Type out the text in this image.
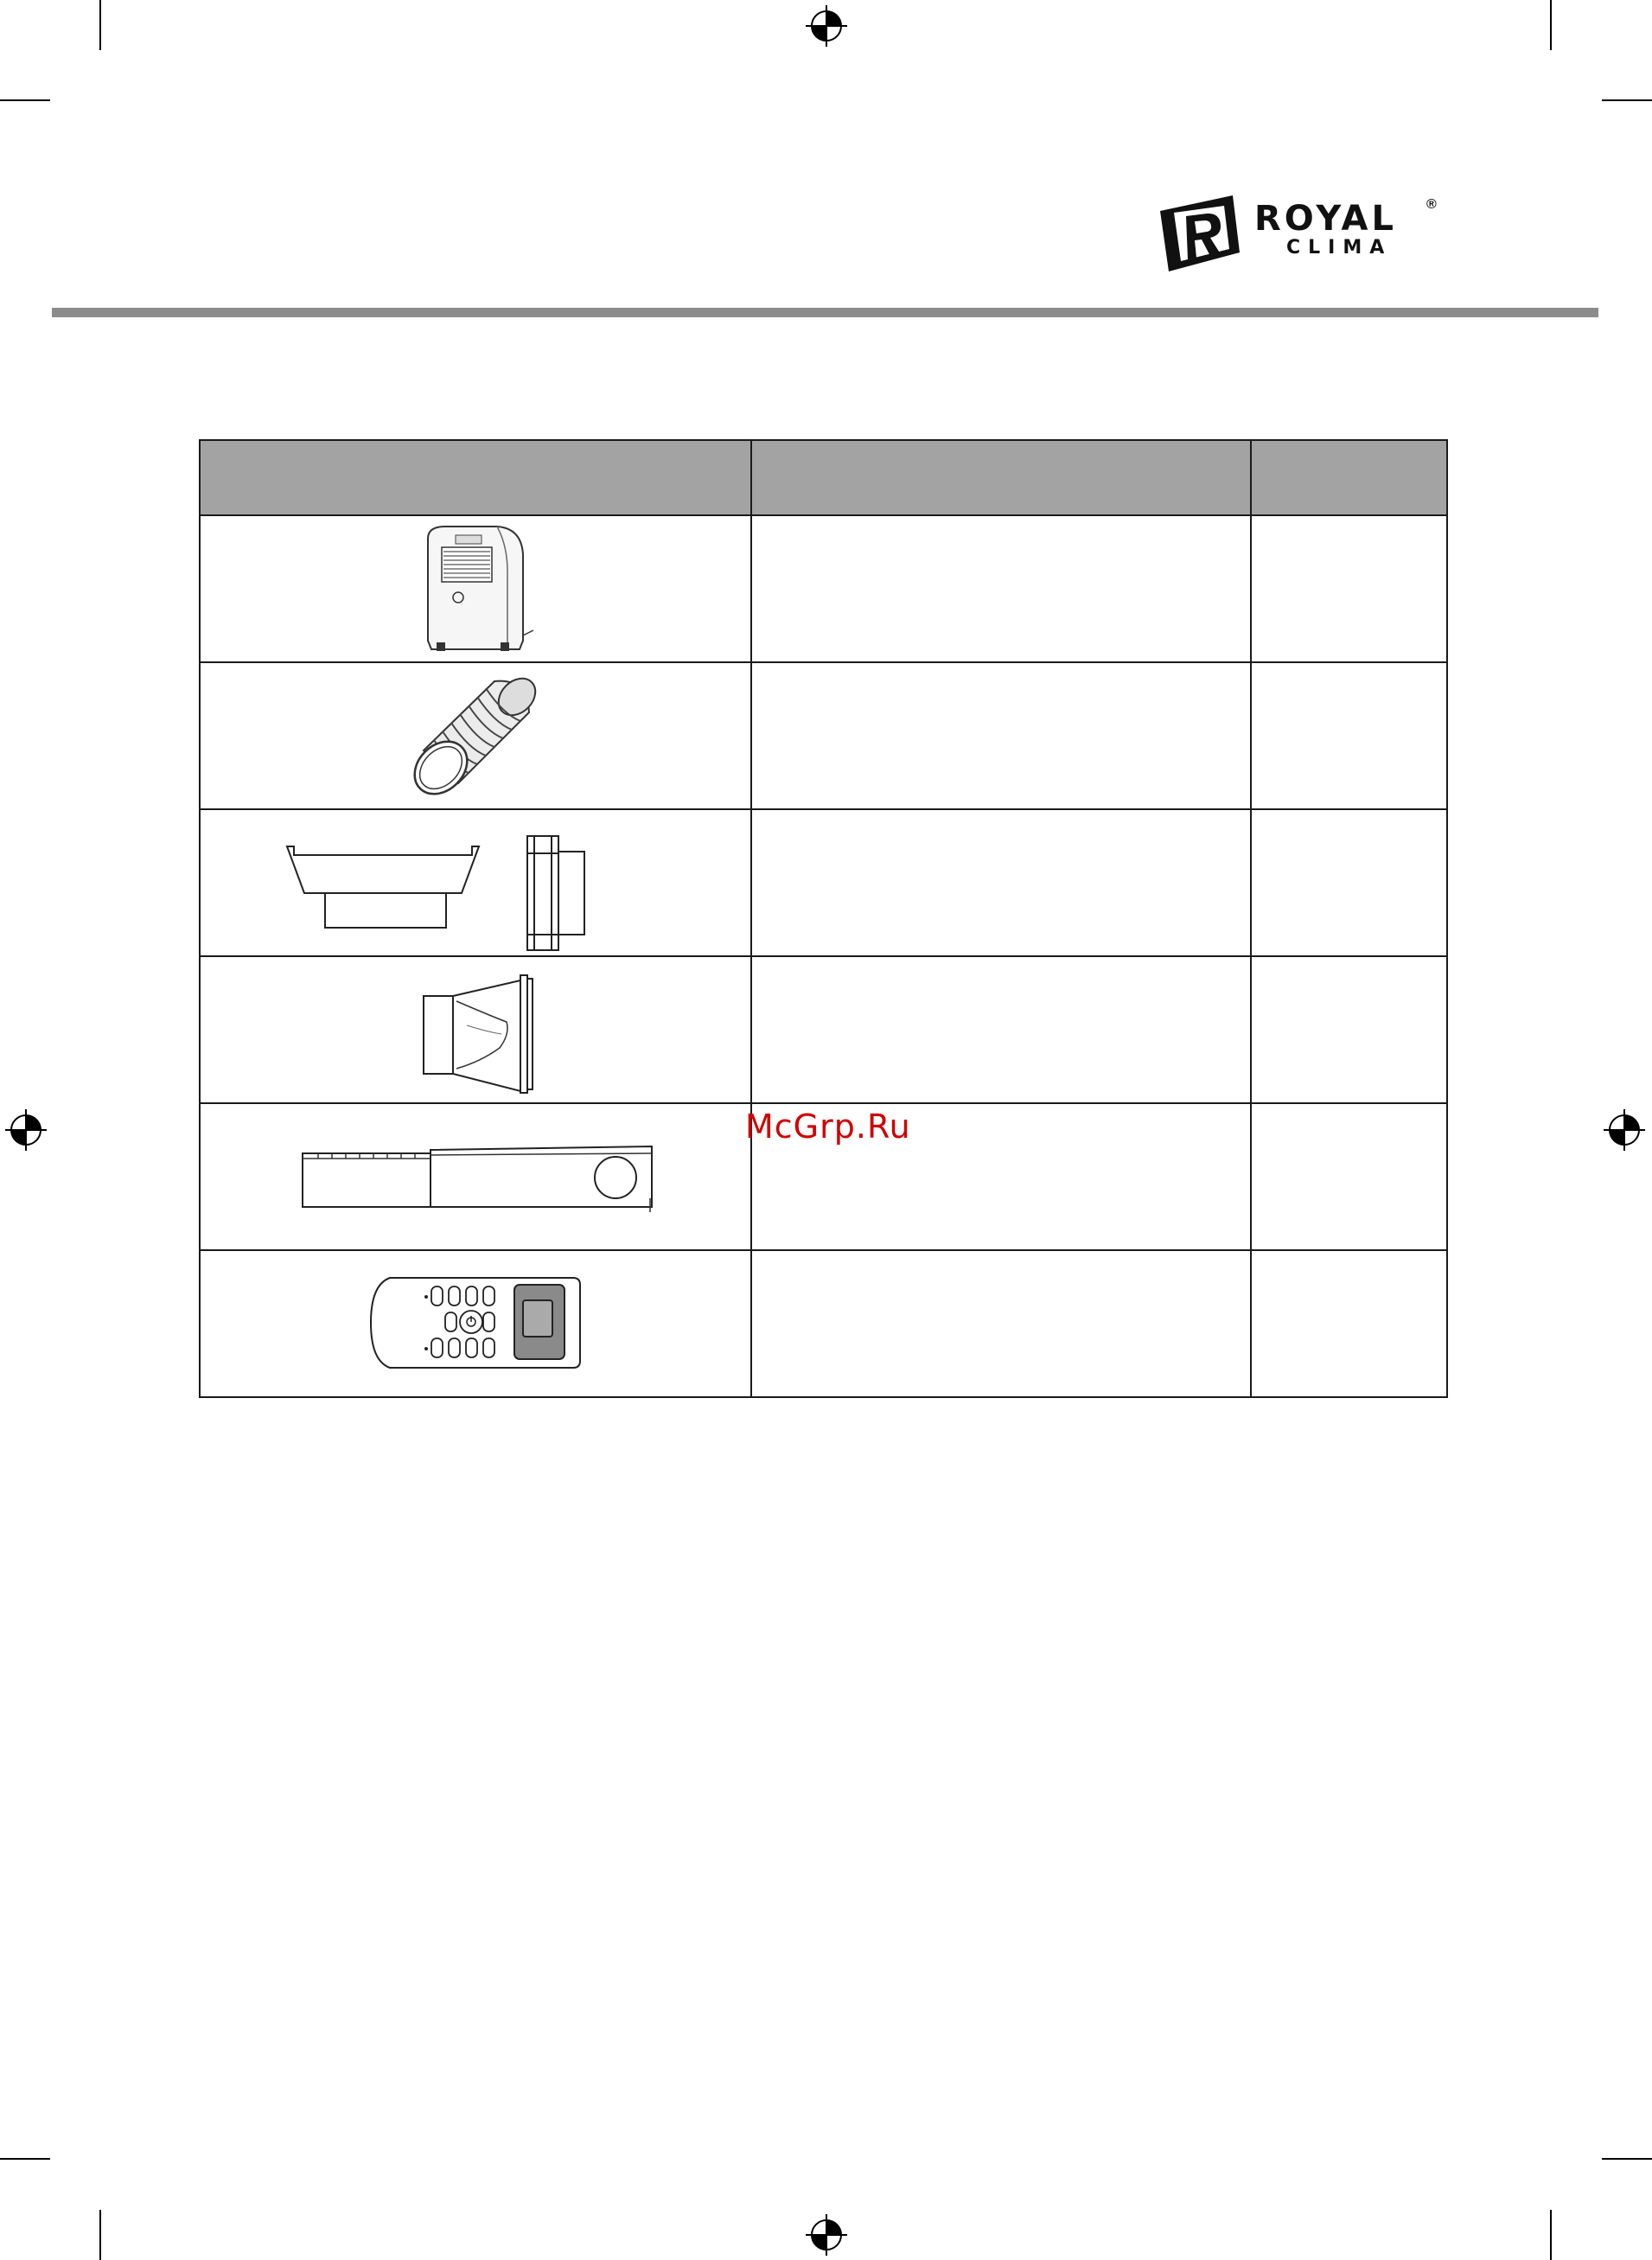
ROYAL ®
CLIMA

McGrp.Ru
